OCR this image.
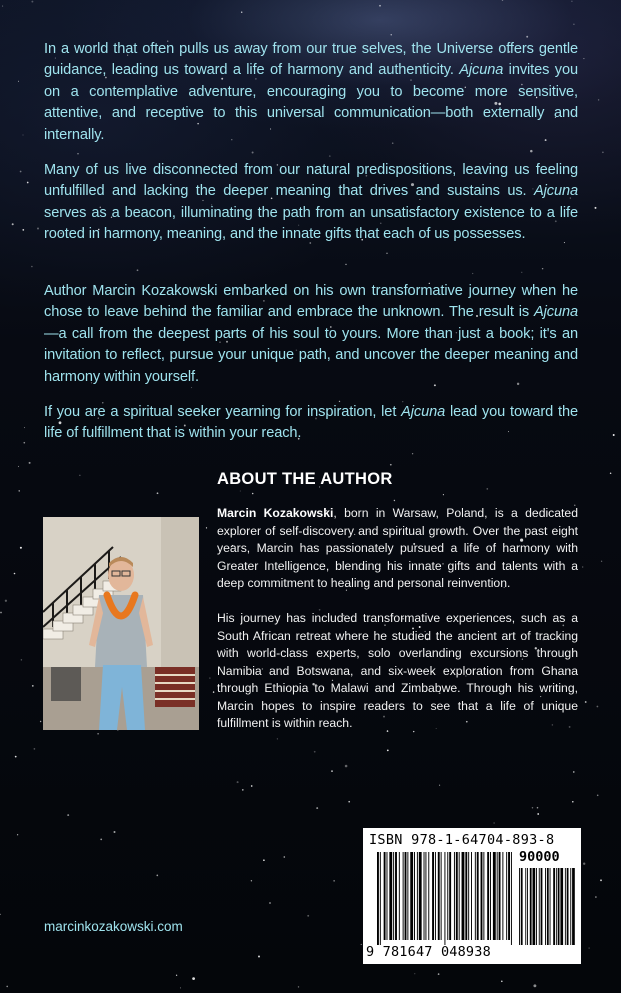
In a world that often pulls us away from our true selves, the Universe offers gentle guidance, leading us toward a life of harmony and authenticity. Ajcuna invites you on a contemplative adventure, encouraging you to become more sensitive, attentive, and receptive to this universal communication—both externally and internally.

Many of us live disconnected from our natural predispositions, leaving us feeling unfulfilled and lacking the deeper meaning that drives and sustains us. Ajcuna serves as a beacon, illuminating the path from an unsatisfactory existence to a life rooted in harmony, meaning, and the innate gifts that each of us possesses.

Author Marcin Kozakowski embarked on his own transformative journey when he chose to leave behind the familiar and embrace the unknown. The result is Ajcuna—a call from the deepest parts of his soul to yours. More than just a book; it's an invitation to reflect, pursue your unique path, and uncover the deeper meaning and harmony within yourself.

If you are a spiritual seeker yearning for inspiration, let Ajcuna lead you toward the life of fulfillment that is within your reach.

ABOUT THE AUTHOR

Marcin Kozakowski, born in Warsaw, Poland, is a dedicated explorer of self-discovery and spiritual growth. Over the past eight years, Marcin has passionately pursued a life of harmony with Greater Intelligence, blending his innate gifts and talents with a deep commitment to healing and personal reinvention.

His journey has included transformative experiences, such as a South African retreat where he studied the ancient art of tracking with world-class experts, solo overlanding excursions through Namibia and Botswana, and six-week exploration from Ghana through Ethiopia to Malawi and Zimbabwe. Through his writing, Marcin hopes to inspire readers to see that a life of unique fulfillment is within reach.

marcinkozakowski.com

ISBN 978-1-64704-893-8
90000
9 781647 048938
